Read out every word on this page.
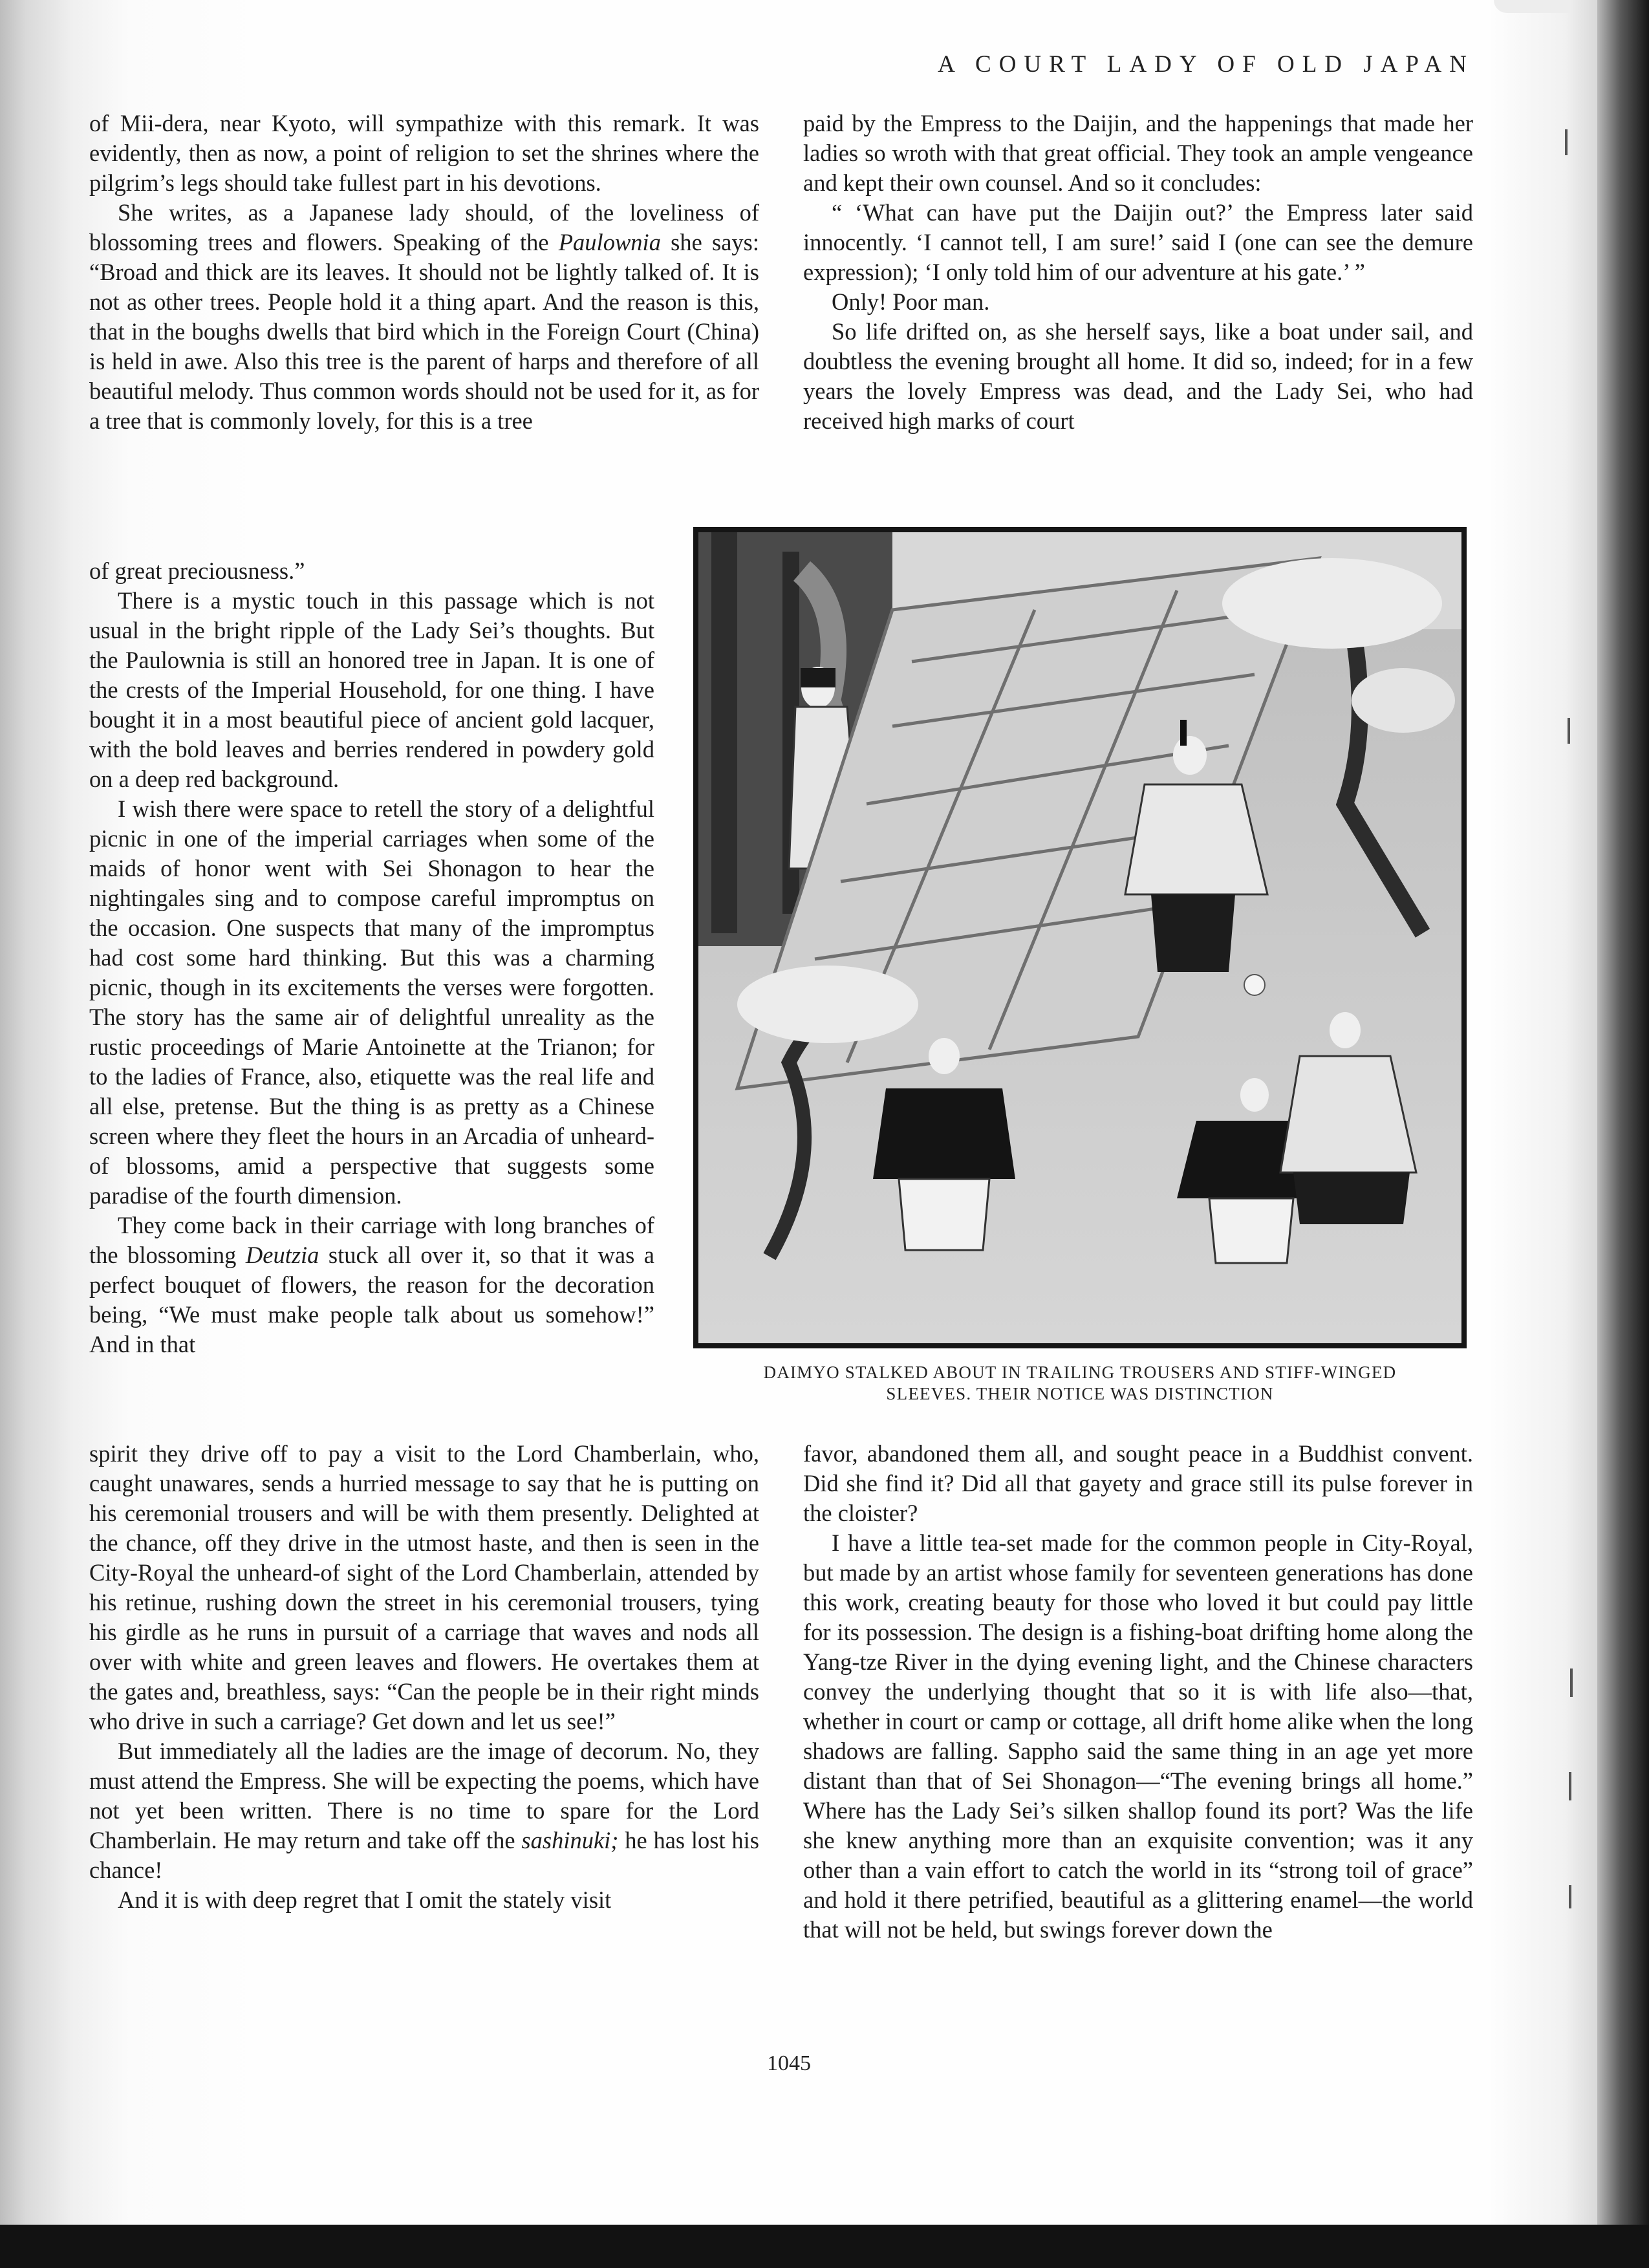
A COURT LADY OF OLD JAPAN

of Mii-dera, near Kyoto, will sympathize with this remark. It was evidently, then as now, a point of religion to set the shrines where the pilgrim’s legs should take fullest part in his devotions.

She writes, as a Japanese lady should, of the loveliness of blossoming trees and flowers. Speaking of the Paulownia she says: “Broad and thick are its leaves. It should not be lightly talked of. It is not as other trees. People hold it a thing apart. And the reason is this, that in the boughs dwells that bird which in the Foreign Court (China) is held in awe. Also this tree is the parent of harps and therefore of all beautiful melody. Thus common words should not be used for it, as for a tree that is commonly lovely, for this is a tree

of great preciousness.”

There is a mystic touch in this passage which is not usual in the bright ripple of the Lady Sei’s thoughts. But the Paulownia is still an honored tree in Japan. It is one of the crests of the Imperial Household, for one thing. I have bought it in a most beautiful piece of ancient gold lacquer, with the bold leaves and berries rendered in powdery gold on a deep red background.

I wish there were space to retell the story of a delightful picnic in one of the imperial carriages when some of the maids of honor went with Sei Shonagon to hear the nightingales sing and to compose careful impromptus on the occasion. One suspects that many of the impromptus had cost some hard thinking. But this was a charming picnic, though in its excitements the verses were forgotten. The story has the same air of delightful unreality as the rustic proceedings of Marie Antoinette at the Trianon; for to the ladies of France, also, etiquette was the real life and all else, pretense. But the thing is as pretty as a Chinese screen where they fleet the hours in an Arcadia of unheard-of blossoms, amid a perspective that suggests some paradise of the fourth dimension.

They come back in their carriage with long branches of the blossoming Deutzia stuck all over it, so that it was a perfect bouquet of flowers, the reason for the decoration being, “We must make people talk about us somehow!” And in that

spirit they drive off to pay a visit to the Lord Chamberlain, who, caught unawares, sends a hurried message to say that he is putting on his ceremonial trousers and will be with them presently. Delighted at the chance, off they drive in the utmost haste, and then is seen in the City-Royal the unheard-of sight of the Lord Chamberlain, attended by his retinue, rushing down the street in his ceremonial trousers, tying his girdle as he runs in pursuit of a carriage that waves and nods all over with white and green leaves and flowers. He overtakes them at the gates and, breathless, says: “Can the people be in their right minds who drive in such a carriage? Get down and let us see!”

But immediately all the ladies are the image of decorum. No, they must attend the Empress. She will be expecting the poems, which have not yet been written. There is no time to spare for the Lord Chamberlain. He may return and take off the sashinuki; he has lost his chance!

And it is with deep regret that I omit the stately visit

paid by the Empress to the Daijin, and the happenings that made her ladies so wroth with that great official. They took an ample vengeance and kept their own counsel. And so it concludes:

“ ‘What can have put the Daijin out?’ the Empress later said innocently. ‘I cannot tell, I am sure!’ said I (one can see the demure expression); ‘I only told him of our adventure at his gate.’ ”

Only! Poor man.

So life drifted on, as she herself says, like a boat under sail, and doubtless the evening brought all home. It did so, indeed; for in a few years the lovely Empress was dead, and the Lady Sei, who had received high marks of court

DAIMYO STALKED ABOUT IN TRAILING TROUSERS AND STIFF-WINGED
SLEEVES. THEIR NOTICE WAS DISTINCTION

favor, abandoned them all, and sought peace in a Buddhist convent. Did she find it? Did all that gayety and grace still its pulse forever in the cloister?

I have a little tea-set made for the common people in City-Royal, but made by an artist whose family for seventeen generations has done this work, creating beauty for those who loved it but could pay little for its possession. The design is a fishing-boat drifting home along the Yang-tze River in the dying evening light, and the Chinese characters convey the underlying thought that so it is with life also—that, whether in court or camp or cottage, all drift home alike when the long shadows are falling. Sappho said the same thing in an age yet more distant than that of Sei Shonagon—“The evening brings all home.” Where has the Lady Sei’s silken shallop found its port? Was the life she knew anything more than an exquisite convention; was it any other than a vain effort to catch the world in its “strong toil of grace” and hold it there petrified, beautiful as a glittering enamel—the world that will not be held, but swings forever down the

1045
